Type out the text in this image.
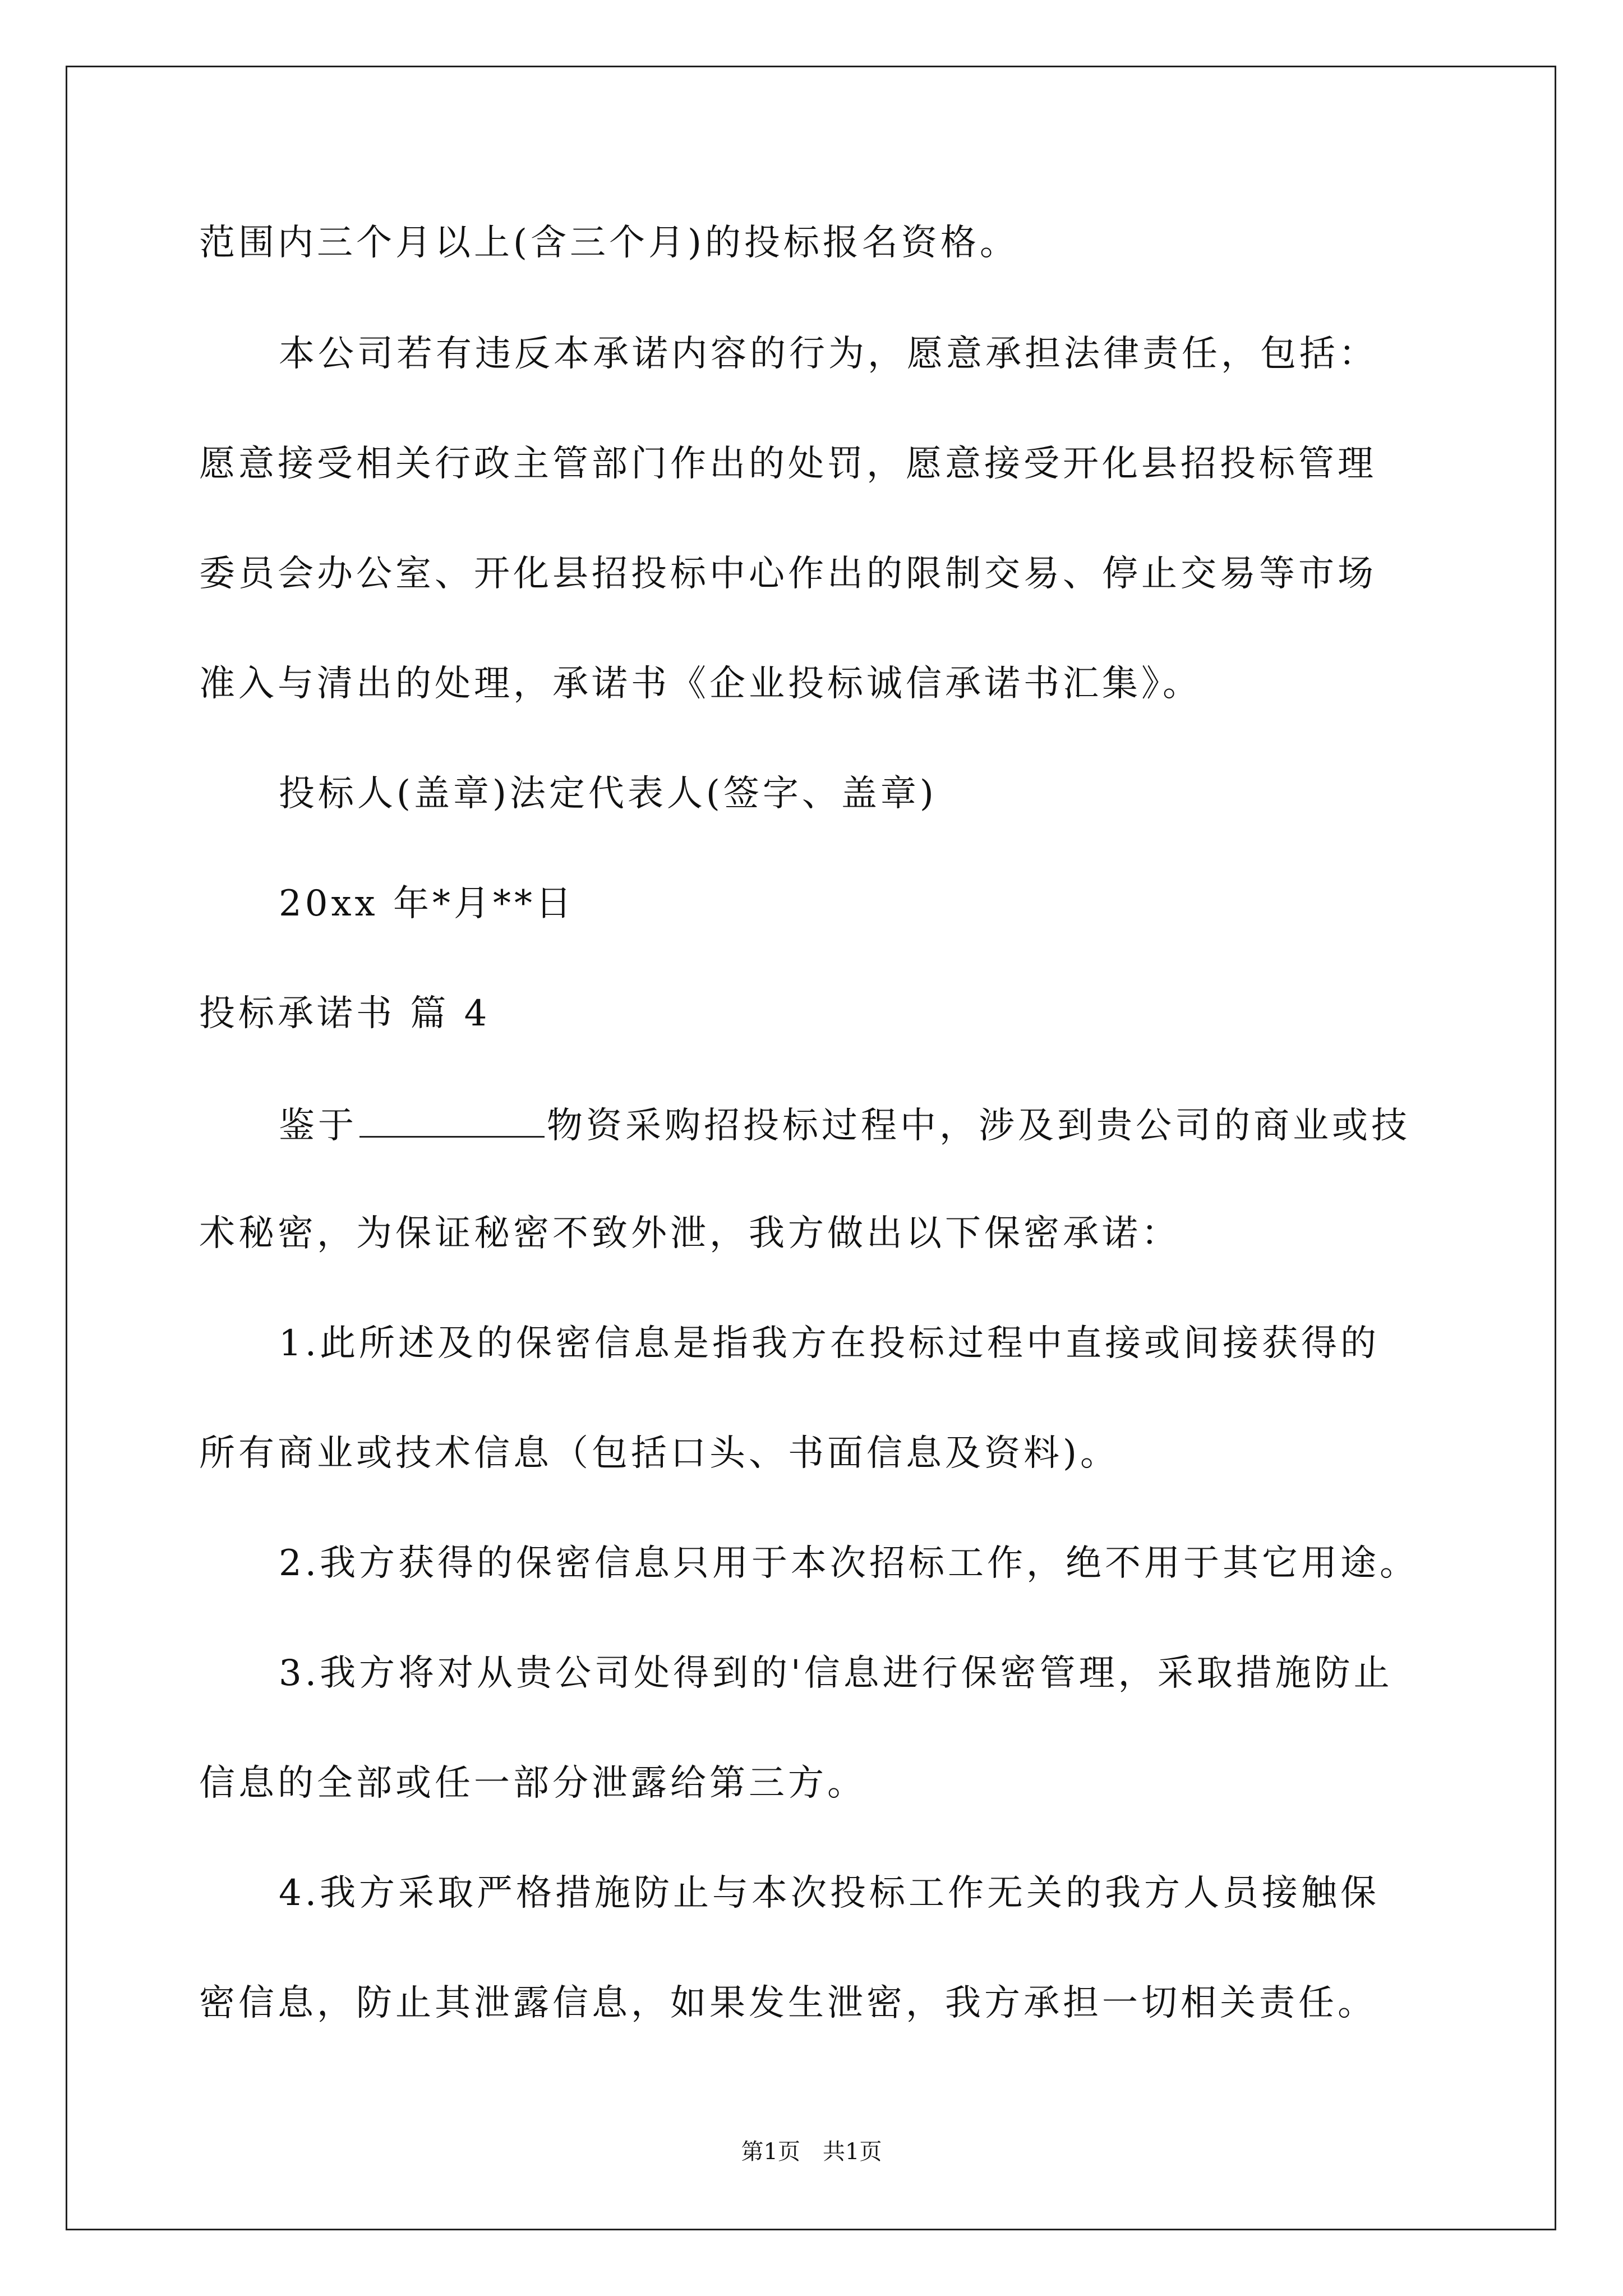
范围内三个月以上(含三个月)的投标报名资格。
本公司若有违反本承诺内容的行为，愿意承担法律责任，包括：
愿意接受相关行政主管部门作出的处罚，愿意接受开化县招投标管理
委员会办公室、开化县招投标中心作出的限制交易、停止交易等市场
准入与清出的处理，承诺书《企业投标诚信承诺书汇集》。
投标人(盖章)法定代表人(签字、盖章)
20xx 年*月**日
投标承诺书 篇 4
鉴于	物资采购招投标过程中，涉及到贵公司的商业或技
术秘密，为保证秘密不致外泄，我方做出以下保密承诺：
1.此所述及的保密信息是指我方在投标过程中直接或间接获得的
所有商业或技术信息（包括口头、书面信息及资料)。
2.我方获得的保密信息只用于本次招标工作，绝不用于其它用途。
3.我方将对从贵公司处得到的'信息进行保密管理，采取措施防止
信息的全部或任一部分泄露给第三方。
4.我方采取严格措施防止与本次投标工作无关的我方人员接触保
密信息，防止其泄露信息，如果发生泄密，我方承担一切相关责任。
第1页　共1页
